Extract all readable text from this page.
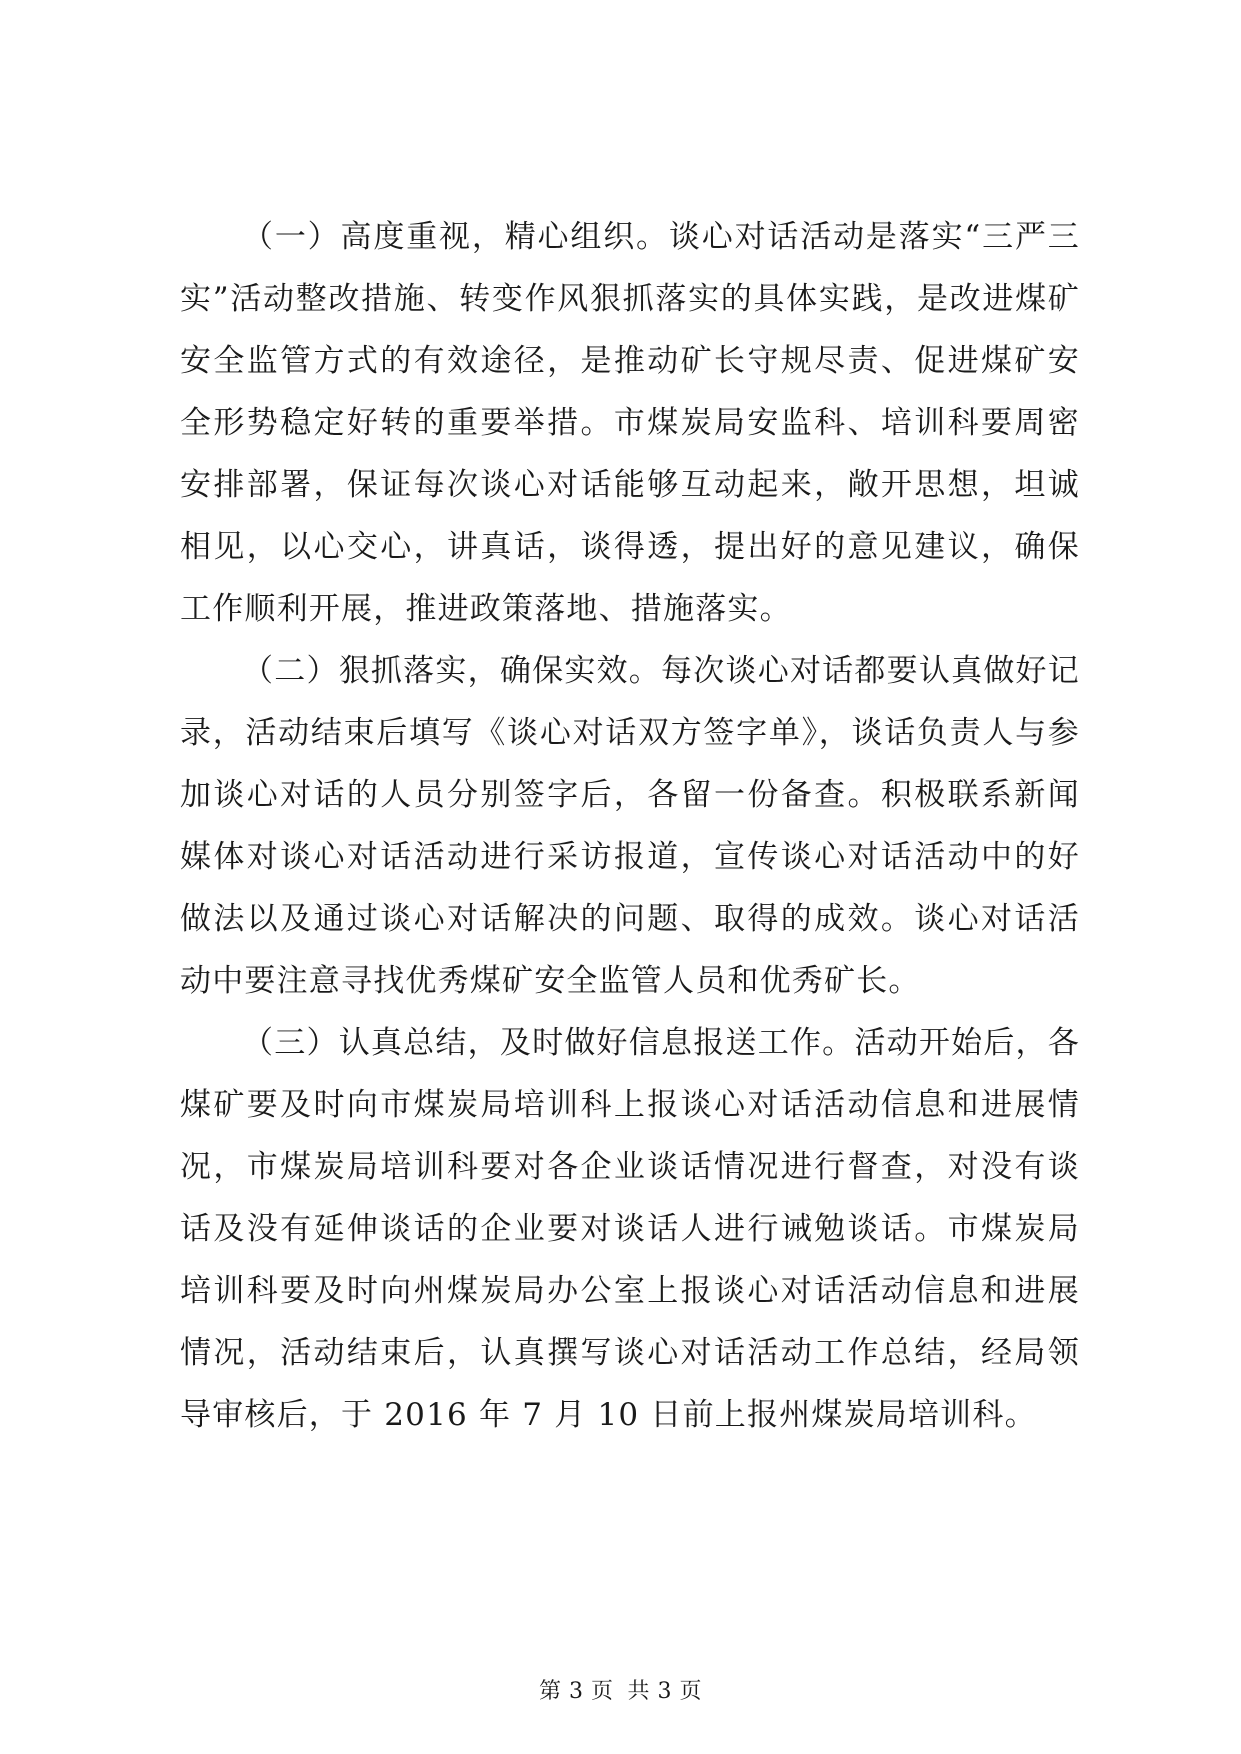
（一）高度重视，精心组织。谈心对话活动是落实“三严三实”活动整改措施、转变作风狠抓落实的具体实践，是改进煤矿安全监管方式的有效途径，是推动矿长守规尽责、促进煤矿安全形势稳定好转的重要举措。市煤炭局安监科、培训科要周密安排部署，保证每次谈心对话能够互动起来，敞开思想，坦诚相见，以心交心，讲真话，谈得透，提出好的意见建议，确保工作顺利开展，推进政策落地、措施落实。

（二）狠抓落实，确保实效。每次谈心对话都要认真做好记录，活动结束后填写《谈心对话双方签字单》，谈话负责人与参加谈心对话的人员分别签字后，各留一份备查。积极联系新闻媒体对谈心对话活动进行采访报道，宣传谈心对话活动中的好做法以及通过谈心对话解决的问题、取得的成效。谈心对话活动中要注意寻找优秀煤矿安全监管人员和优秀矿长。

（三）认真总结，及时做好信息报送工作。活动开始后，各煤矿要及时向市煤炭局培训科上报谈心对话活动信息和进展情况，市煤炭局培训科要对各企业谈话情况进行督查，对没有谈话及没有延伸谈话的企业要对谈话人进行诫勉谈话。市煤炭局培训科要及时向州煤炭局办公室上报谈心对话活动信息和进展情况，活动结束后，认真撰写谈心对话活动工作总结，经局领导审核后，于 2016 年 7 月 10 日前上报州煤炭局培训科。

第 3 页 共 3 页
